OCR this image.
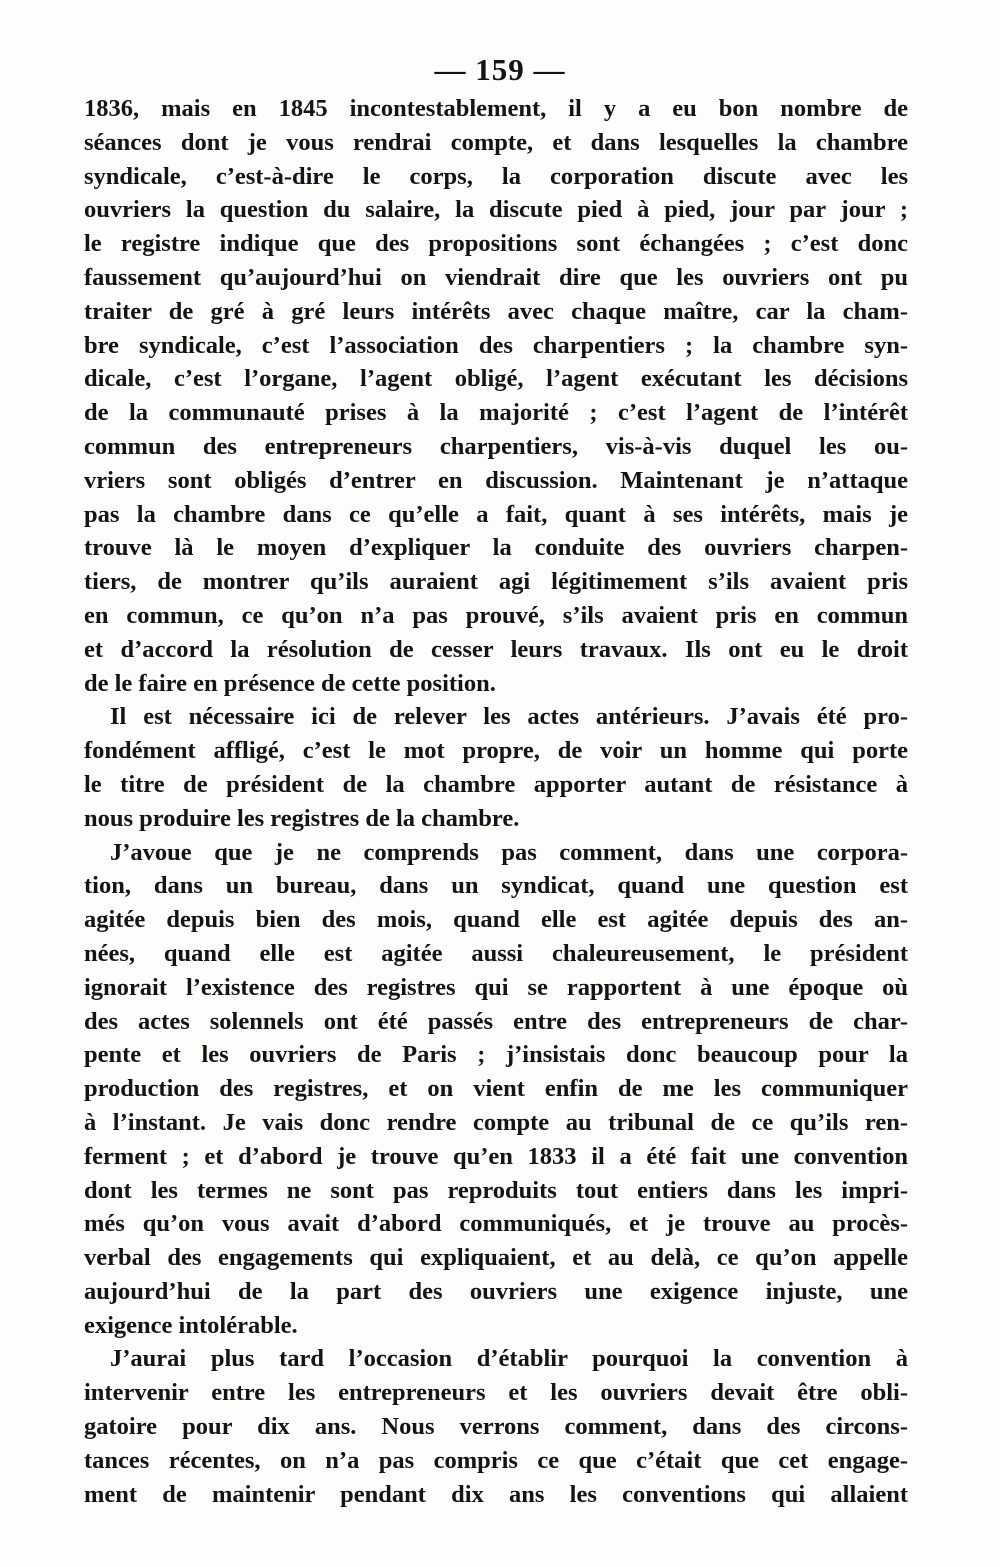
— 159 —
1836, mais en 1845 incontestablement, il y a eu bon nombre de
séances dont je vous rendrai compte, et dans lesquelles la chambre
syndicale, c’est-à-dire le corps, la corporation discute avec les
ouvriers la question du salaire, la discute pied à pied, jour par jour ;
le registre indique que des propositions sont échangées ; c’est donc
faussement qu’aujourd’hui on viendrait dire que les ouvriers ont pu
traiter de gré à gré leurs intérêts avec chaque maître, car la cham-
bre syndicale, c’est l’association des charpentiers ; la chambre syn-
dicale, c’est l’organe, l’agent obligé, l’agent exécutant les décisions
de la communauté prises à la majorité ; c’est l’agent de l’intérêt
commun des entrepreneurs charpentiers, vis-à-vis duquel les ou-
vriers sont obligés d’entrer en discussion. Maintenant je n’attaque
pas la chambre dans ce qu’elle a fait, quant à ses intérêts, mais je
trouve là le moyen d’expliquer la conduite des ouvriers charpen-
tiers, de montrer qu’ils auraient agi légitimement s’ils avaient pris
en commun, ce qu’on n’a pas prouvé, s’ils avaient pris en commun
et d’accord la résolution de cesser leurs travaux. Ils ont eu le droit
de le faire en présence de cette position.
Il est nécessaire ici de relever les actes antérieurs. J’avais été pro-
fondément affligé, c’est le mot propre, de voir un homme qui porte
le titre de président de la chambre apporter autant de résistance à
nous produire les registres de la chambre.
J’avoue que je ne comprends pas comment, dans une corpora-
tion, dans un bureau, dans un syndicat, quand une question est
agitée depuis bien des mois, quand elle est agitée depuis des an-
nées, quand elle est agitée aussi chaleureusement, le président
ignorait l’existence des registres qui se rapportent à une époque où
des actes solennels ont été passés entre des entrepreneurs de char-
pente et les ouvriers de Paris ; j’insistais donc beaucoup pour la
production des registres, et on vient enfin de me les communiquer
à l’instant. Je vais donc rendre compte au tribunal de ce qu’ils ren-
ferment ; et d’abord je trouve qu’en 1833 il a été fait une convention
dont les termes ne sont pas reproduits tout entiers dans les impri-
més qu’on vous avait d’abord communiqués, et je trouve au procès-
verbal des engagements qui expliquaient, et au delà, ce qu’on appelle
aujourd’hui de la part des ouvriers une exigence injuste, une
exigence intolérable.
J’aurai plus tard l’occasion d’établir pourquoi la convention à
intervenir entre les entrepreneurs et les ouvriers devait être obli-
gatoire pour dix ans. Nous verrons comment, dans des circons-
tances récentes, on n’a pas compris ce que c’était que cet engage-
ment de maintenir pendant dix ans les conventions qui allaient
